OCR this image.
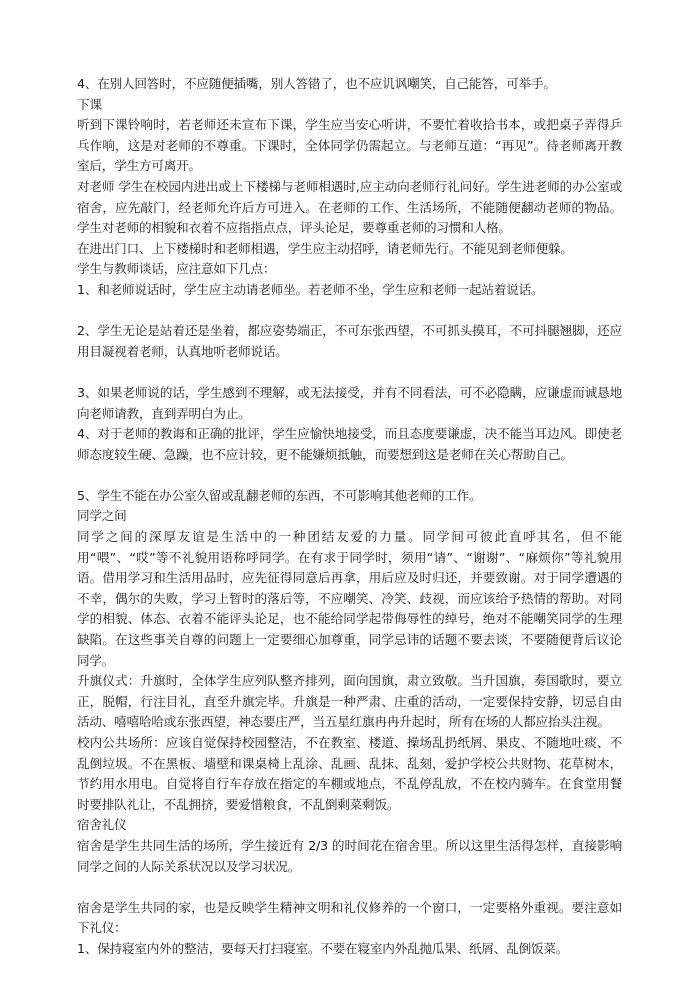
4、在别人回答时，不应随便插嘴，别人答错了，也不应讥讽嘲笑，自己能答，可举手。

下课

听到下课铃响时，若老师还未宣布下课，学生应当安心听讲，不要忙着收拾书本，或把桌子弄得乒乓作响，这是对老师的不尊重。下课时，全体同学仍需起立。与老师互道：“再见”。待老师离开教室后，学生方可离开。

对老师 学生在校园内进出或上下楼梯与老师相遇时,应主动向老师行礼问好。学生进老师的办公室或宿舍，应先敲门，经老师允许后方可进入。在老师的工作、生活场所，不能随便翻动老师的物品。学生对老师的相貌和衣着不应指指点点，评头论足，要尊重老师的习惯和人格。

在进出门口、上下楼梯时和老师相遇，学生应主动招呼，请老师先行。不能见到老师便躲。

学生与教师谈话，应注意如下几点：

1、和老师说话时，学生应主动请老师坐。若老师不坐，学生应和老师一起站着说话。

2、学生无论是站着还是坐着，都应姿势端正，不可东张西望，不可抓头摸耳，不可抖腿翘脚，还应用目凝视着老师，认真地听老师说话。

3、如果老师说的话，学生感到不理解，或无法接受，并有不同看法，可不必隐瞒，应谦虚而诚恳地向老师请教，直到弄明白为止。

4、对于老师的教诲和正确的批评，学生应愉快地接受，而且态度要谦虚，决不能当耳边风。即使老师态度较生硬、急躁，也不应计较，更不能嫌烦抵触，而要想到这是老师在关心帮助自己。

5、学生不能在办公室久留或乱翻老师的东西，不可影响其他老师的工作。

同学之间

同学之间的深厚友谊是生活中的一种团结友爱的力量。同学间可彼此直呼其名，但不能用“喂”、“哎”等不礼貌用语称呼同学。在有求于同学时，须用“请”、“谢谢”、“麻烦你”等礼貌用语。借用学习和生活用品时，应先征得同意后再拿，用后应及时归还，并要致谢。对于同学遭遇的不幸，偶尔的失败，学习上暂时的落后等，不应嘲笑、冷笑、歧视，而应该给予热情的帮助。对同学的相貌、体态、衣着不能评头论足，也不能给同学起带侮辱性的绰号，绝对不能嘲笑同学的生理缺陷。在这些事关自尊的问题上一定要细心加尊重，同学忌讳的话题不要去谈，不要随便背后议论同学。

升旗仪式：升旗时，全体学生应列队整齐排列，面向国旗，肃立致敬。当升国旗，奏国歌时，要立正，脱帽，行注目礼，直至升旗完毕。升旗是一种严肃、庄重的活动，一定要保持安静，切忌自由活动、嘻嘻哈哈或东张西望，神态要庄严，当五星红旗冉冉升起时，所有在场的人都应抬头注视。

校内公共场所：应该自觉保持校园整洁，不在教室、楼道、操场乱扔纸屑、果皮、不随地吐痰、不乱倒垃圾。不在黑板、墙壁和课桌椅上乱涂、乱画、乱抹、乱刻，爱护学校公共财物、花草树木，节约用水用电。自觉将自行车存放在指定的车棚或地点，不乱停乱放，不在校内骑车。在食堂用餐时要排队礼让，不乱拥挤，要爱惜粮食，不乱倒剩菜剩饭。

宿舍礼仪

宿舍是学生共同生活的场所，学生接近有 2/3 的时间花在宿舍里。所以这里生活得怎样，直接影响同学之间的人际关系状况以及学习状况。

宿舍是学生共同的家，也是反映学生精神文明和礼仪修养的一个窗口，一定要格外重视。要注意如下礼仪：

1、保持寝室内外的整洁，要每天打扫寝室。不要在寝室内外乱抛瓜果、纸屑、乱倒饭菜。
